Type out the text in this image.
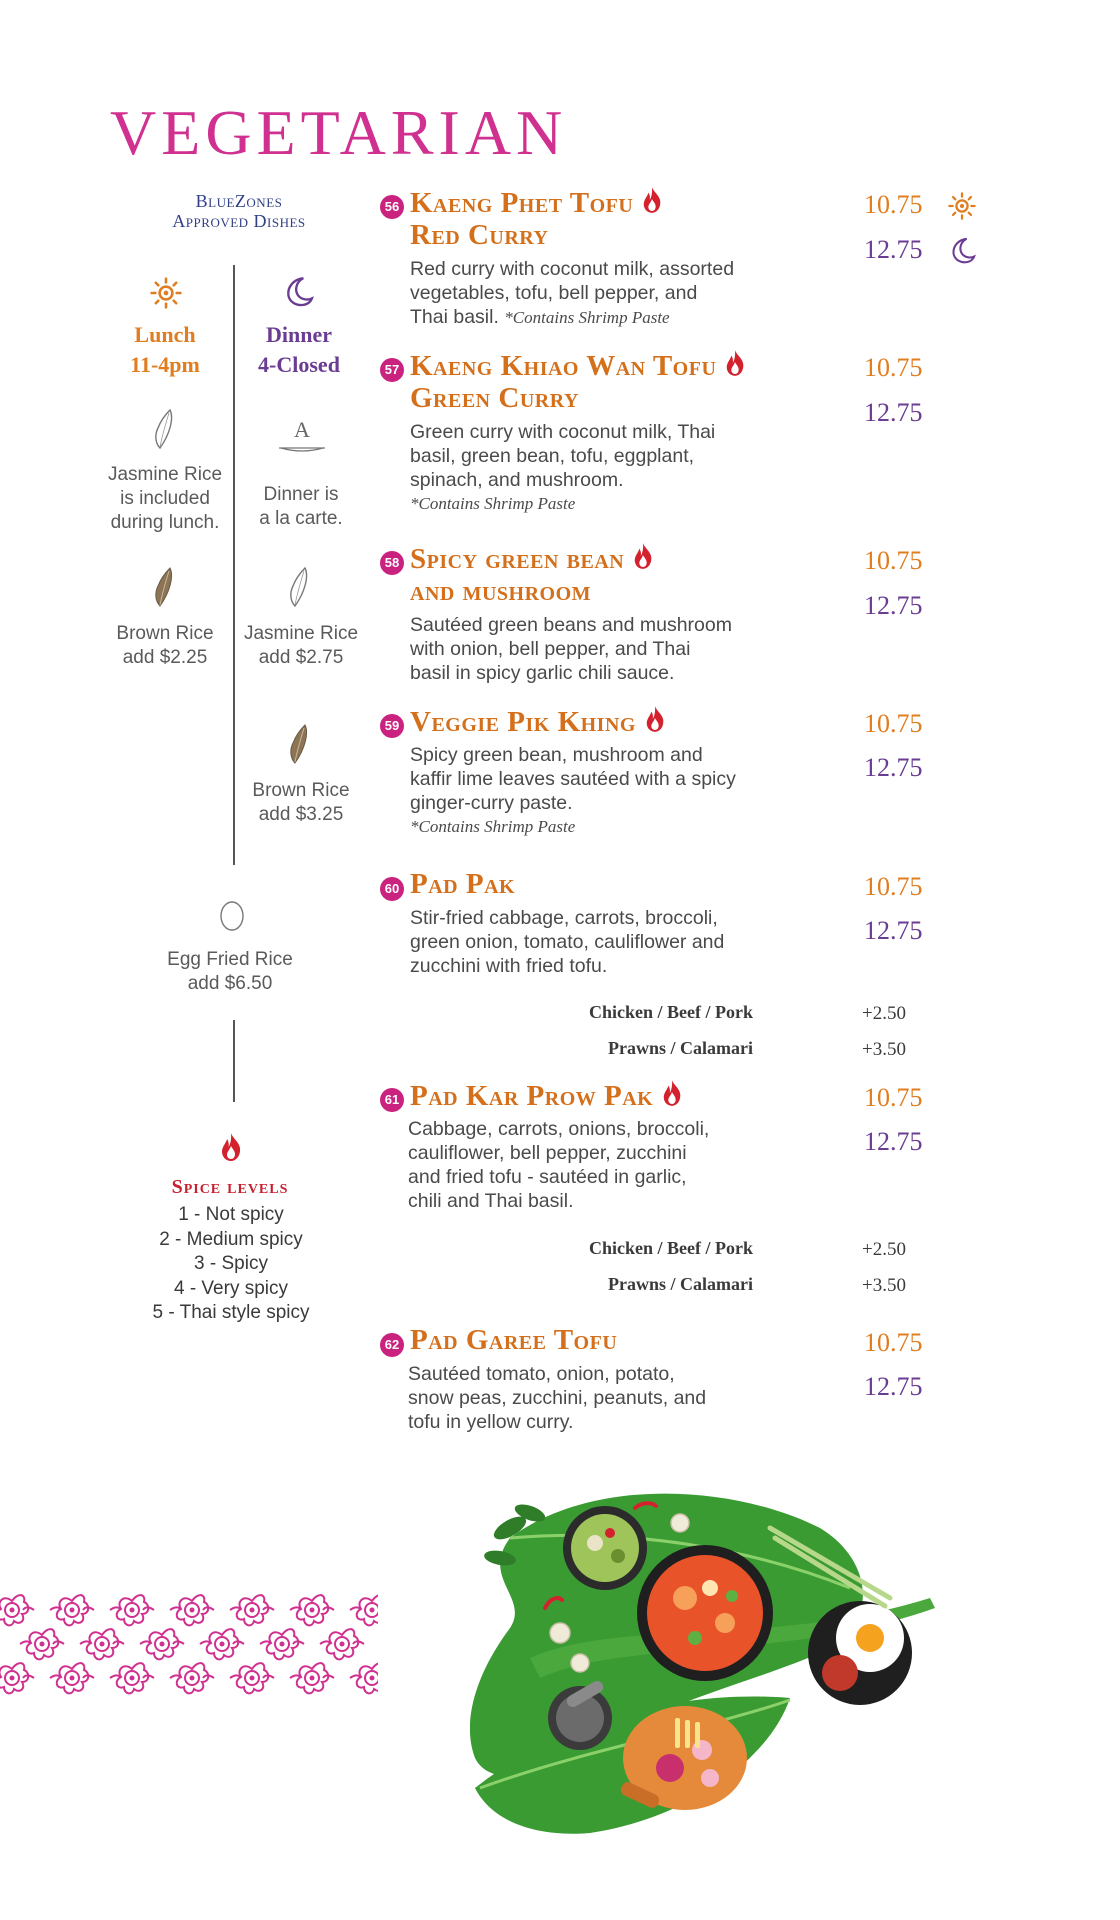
VEGETARIAN
BlueZones
Approved Dishes
Lunch
11-4pm
Dinner
4-Closed
Jasmine Rice
is included
during lunch.
Brown Rice
add $2.25
A
Dinner is
a la carte.
Jasmine Rice
add $2.75
Brown Rice
add $3.25
Egg Fried Rice
add $6.50
Spice levels
1 - Not spicy
2 - Medium spicy
3 - Spicy
4 - Very spicy
5 - Thai style spicy
56 Kaeng Phet Tofu
Red Curry
Red curry with coconut milk, assorted
vegetables, tofu, bell pepper, and
Thai basil. *Contains Shrimp Paste
10.75
12.75
57 Kaeng Khiao Wan Tofu
Green Curry
Green curry with coconut milk, Thai
basil, green bean, tofu, eggplant,
spinach, and mushroom.
*Contains Shrimp Paste
10.75
12.75
58 Spicy green bean
and mushroom
Sautéed green beans and mushroom
with onion, bell pepper, and Thai
basil in spicy garlic chili sauce.
10.75
12.75
59 Veggie Pik Khing
Spicy green bean, mushroom and
kaffir lime leaves sautéed with a spicy
ginger-curry paste.
*Contains Shrimp Paste
10.75
12.75
60 Pad Pak
Stir-fried cabbage, carrots, broccoli,
green onion, tomato, cauliflower and
zucchini with fried tofu.
10.75
12.75
Chicken / Beef / Pork	+2.50
Prawns / Calamari	+3.50
61 Pad Kar Prow Pak
Cabbage, carrots, onions, broccoli,
cauliflower, bell pepper, zucchini
and fried tofu - sautéed in garlic,
chili and Thai basil.
10.75
12.75
Chicken / Beef / Pork	+2.50
Prawns / Calamari	+3.50
62 Pad Garee Tofu
Sautéed tomato, onion, potato,
snow peas, zucchini, peanuts, and
tofu in yellow curry.
10.75
12.75
